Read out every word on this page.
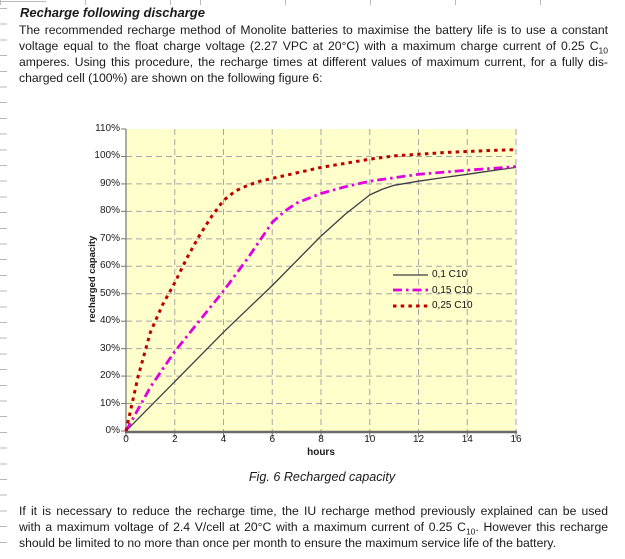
Recharge following discharge
The recommended recharge method of Monolite batteries to maximise the battery life is to use a constant
voltage equal to the float charge voltage (2.27 VPC at 20°C) with a maximum charge current of 0.25 $C_{10}$
amperes. Using this procedure, the recharge times at different values of maximum current, for a fully dis-
charged cell (100%) are shown on the following figure 6:
recharged capacity
0%
10%
20%
30%
40%
50%
60%
70%
80%
90%
100%
110%
0,1 C10
0,15 C10
0,25 C10
0	2	4	6	8	10	12	14	16
hours
Fig. 6 Recharged capacity
If it is necessary to reduce the recharge time, the IU recharge method previously explained can be used
with a maximum voltage of 2.4 V/cell at 20°C with a maximum current of 0.25 $C_{10}$. However this recharge
should be limited to no more than once per month to ensure the maximum service life of the battery.
